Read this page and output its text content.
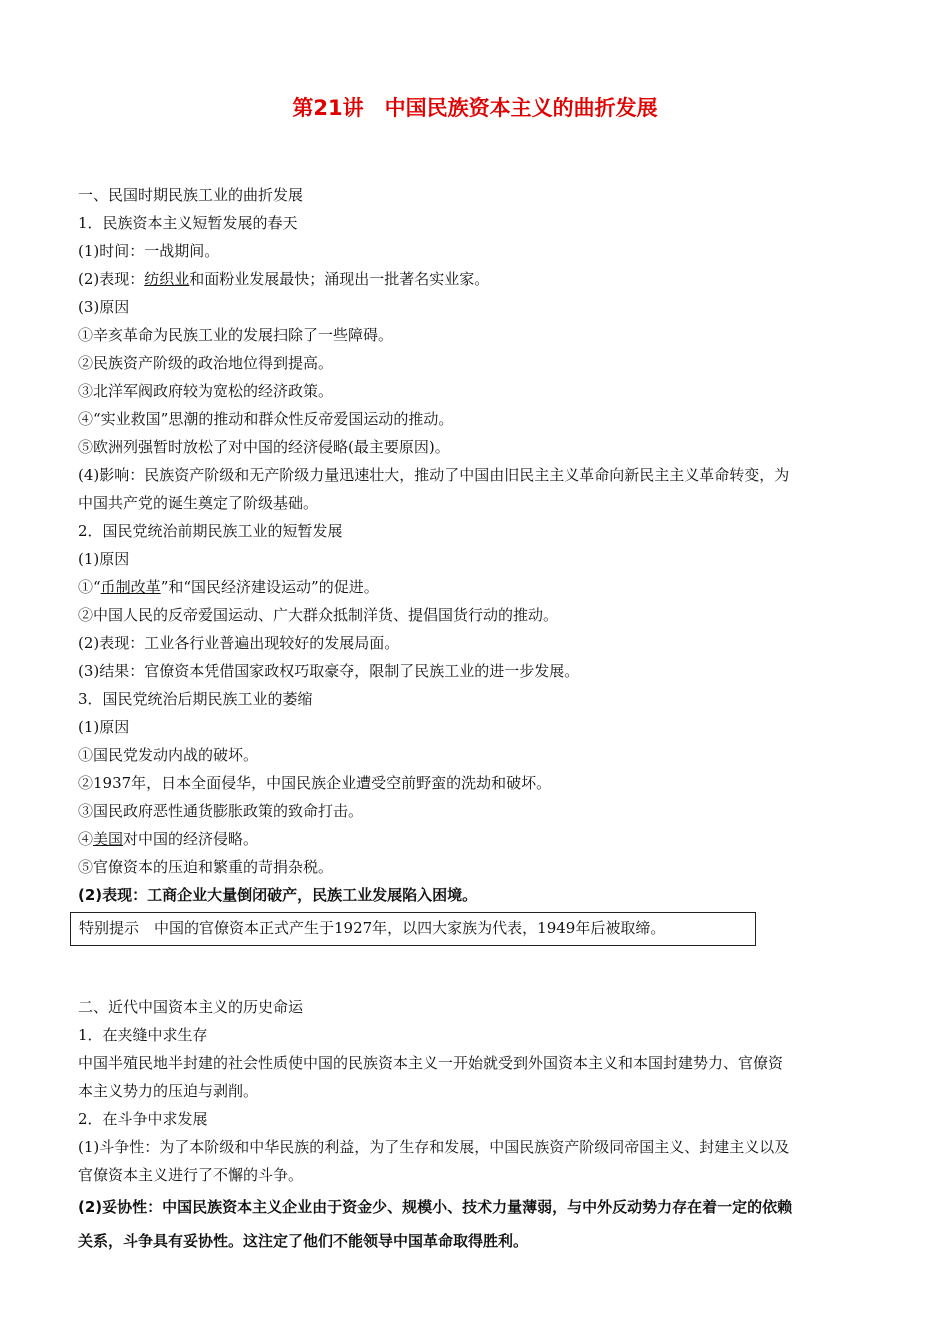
第21讲　中国民族资本主义的曲折发展
一、民国时期民族工业的曲折发展
1．民族资本主义短暂发展的春天
(1)时间：一战期间。
(2)表现：纺织业和面粉业发展最快；涌现出一批著名实业家。
(3)原因
①辛亥革命为民族工业的发展扫除了一些障碍。
②民族资产阶级的政治地位得到提高。
③北洋军阀政府较为宽松的经济政策。
④“实业救国”思潮的推动和群众性反帝爱国运动的推动。
⑤欧洲列强暂时放松了对中国的经济侵略(最主要原因)。
(4)影响：民族资产阶级和无产阶级力量迅速壮大，推动了中国由旧民主主义革命向新民主主义革命转变，为
中国共产党的诞生奠定了阶级基础。
2．国民党统治前期民族工业的短暂发展
(1)原因
①“币制改革”和“国民经济建设运动”的促进。
②中国人民的反帝爱国运动、广大群众抵制洋货、提倡国货行动的推动。
(2)表现：工业各行业普遍出现较好的发展局面。
(3)结果：官僚资本凭借国家政权巧取豪夺，限制了民族工业的进一步发展。
3．国民党统治后期民族工业的萎缩
(1)原因
①国民党发动内战的破坏。
②1937年，日本全面侵华，中国民族企业遭受空前野蛮的洗劫和破坏。
③国民政府恶性通货膨胀政策的致命打击。
④美国对中国的经济侵略。
⑤官僚资本的压迫和繁重的苛捐杂税。
(2)表现：工商企业大量倒闭破产，民族工业发展陷入困境。
特别提示　中国的官僚资本正式产生于1927年，以四大家族为代表，1949年后被取缔。
二、近代中国资本主义的历史命运
1．在夹缝中求生存
中国半殖民地半封建的社会性质使中国的民族资本主义一开始就受到外国资本主义和本国封建势力、官僚资
本主义势力的压迫与剥削。
2．在斗争中求发展
(1)斗争性：为了本阶级和中华民族的利益，为了生存和发展，中国民族资产阶级同帝国主义、封建主义以及
官僚资本主义进行了不懈的斗争。
(2)妥协性：中国民族资本主义企业由于资金少、规模小、技术力量薄弱，与中外反动势力存在着一定的依赖
关系，斗争具有妥协性。这注定了他们不能领导中国革命取得胜利。
